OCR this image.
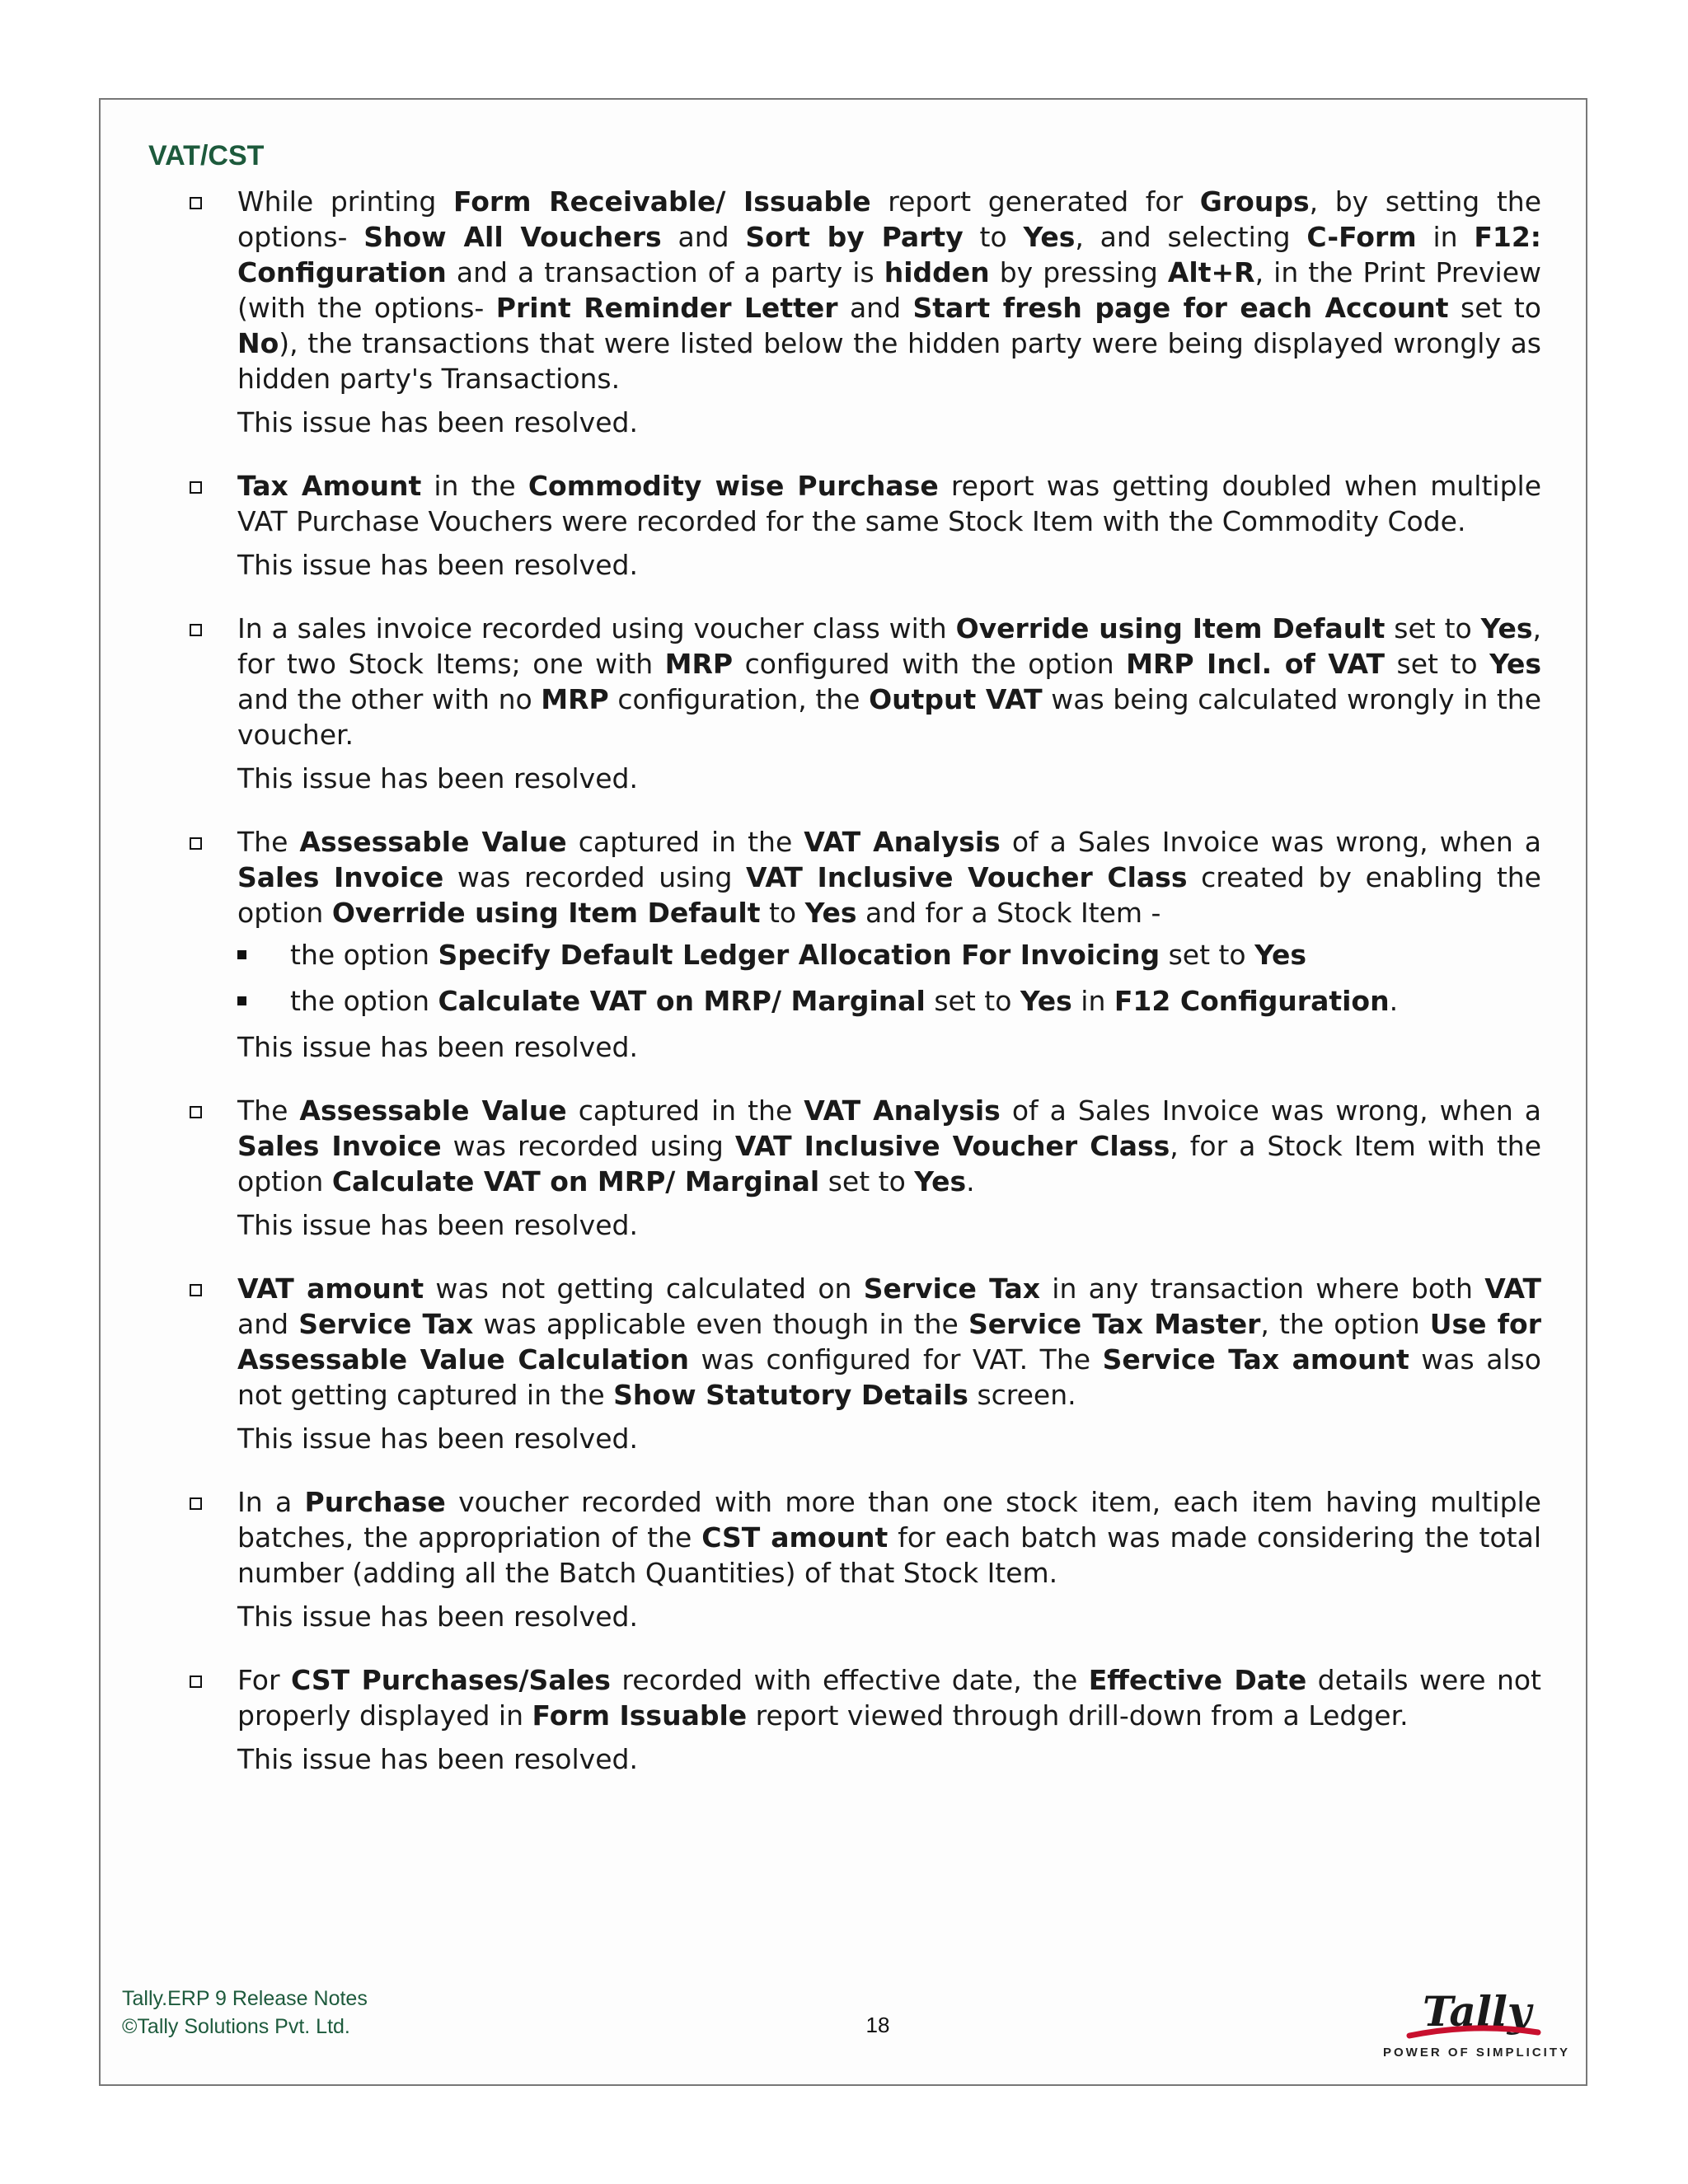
VAT/CST

While printing Form Receivable/ Issuable report generated for Groups, by setting the options- Show All Vouchers and Sort by Party to Yes, and selecting C-Form in F12: Configuration and a transaction of a party is hidden by pressing Alt+R, in the Print Preview (with the options- Print Reminder Letter and Start fresh page for each Account set to No), the transactions that were listed below the hidden party were being displayed wrongly as hidden party's Transactions.

This issue has been resolved.

Tax Amount in the Commodity wise Purchase report was getting doubled when multiple VAT Purchase Vouchers were recorded for the same Stock Item with the Commodity Code.

This issue has been resolved.

In a sales invoice recorded using voucher class with Override using Item Default set to Yes, for two Stock Items; one with MRP configured with the option MRP Incl. of VAT set to Yes and the other with no MRP configuration, the Output VAT was being calculated wrongly in the voucher.

This issue has been resolved.

The Assessable Value captured in the VAT Analysis of a Sales Invoice was wrong, when a Sales Invoice was recorded using VAT Inclusive Voucher Class created by enabling the option Override using Item Default to Yes and for a Stock Item -

the option Specify Default Ledger Allocation For Invoicing set to Yes
the option Calculate VAT on MRP/ Marginal set to Yes in F12 Configuration.

This issue has been resolved.

The Assessable Value captured in the VAT Analysis of a Sales Invoice was wrong, when a Sales Invoice was recorded using VAT Inclusive Voucher Class, for a Stock Item with the option Calculate VAT on MRP/ Marginal set to Yes.

This issue has been resolved.

VAT amount was not getting calculated on Service Tax in any transaction where both VAT and Service Tax was applicable even though in the Service Tax Master, the option Use for Assessable Value Calculation was configured for VAT. The Service Tax amount was also not getting captured in the Show Statutory Details screen.

This issue has been resolved.

In a Purchase voucher recorded with more than one stock item, each item having multiple batches, the appropriation of the CST amount for each batch was made considering the total number (adding all the Batch Quantities) of that Stock Item.

This issue has been resolved.

For CST Purchases/Sales recorded with effective date, the Effective Date details were not properly displayed in Form Issuable report viewed through drill-down from a Ledger.

This issue has been resolved.

Tally.ERP 9 Release Notes
©Tally Solutions Pvt. Ltd.	18	Tally
POWER OF SIMPLICITY
